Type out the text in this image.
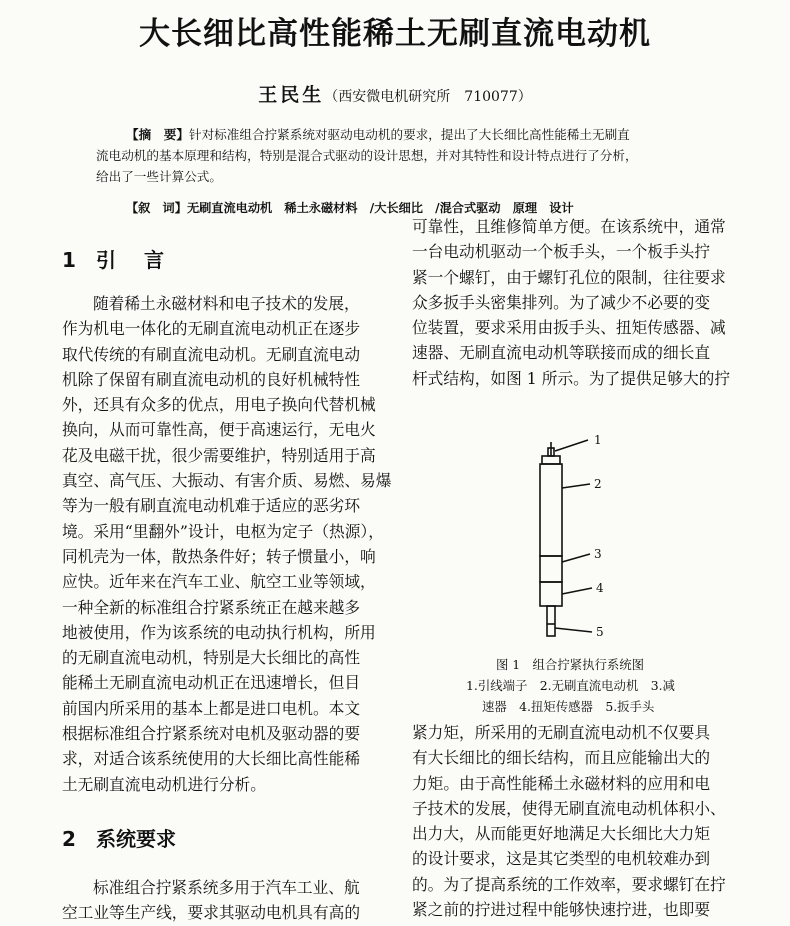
大长细比高性能稀土无刷直流电动机
王民生（西安微电机研究所　710077）
【摘　要】针对标准组合拧紧系统对驱动电动机的要求，提出了大长细比高性能稀土无刷直
流电动机的基本原理和结构，特别是混合式驱动的设计思想，并对其特性和设计特点进行了分析，
给出了一些计算公式。
【叙　词】无刷直流电动机　稀土永磁材料　/大长细比　/混合式驱动　原理　设计
1 引　言
随着稀土永磁材料和电子技术的发展，
作为机电一体化的无刷直流电动机正在逐步
取代传统的有刷直流电动机。无刷直流电动
机除了保留有刷直流电动机的良好机械特性
外，还具有众多的优点，用电子换向代替机械
换向，从而可靠性高，便于高速运行，无电火
花及电磁干扰，很少需要维护，特别适用于高
真空、高气压、大振动、有害介质、易燃、易爆
等为一般有刷直流电动机难于适应的恶劣环
境。采用“里翻外”设计，电枢为定子（热源），
同机壳为一体，散热条件好；转子惯量小，响
应快。近年来在汽车工业、航空工业等领域，
一种全新的标准组合拧紧系统正在越来越多
地被使用，作为该系统的电动执行机构，所用
的无刷直流电动机，特别是大长细比的高性
能稀土无刷直流电动机正在迅速增长，但目
前国内所采用的基本上都是进口电机。本文
根据标准组合拧紧系统对电机及驱动器的要
求，对适合该系统使用的大长细比高性能稀
土无刷直流电动机进行分析。
2 系统要求
标准组合拧紧系统多用于汽车工业、航
空工业等生产线，要求其驱动电机具有高的
可靠性，且维修简单方便。在该系统中，通常
一台电动机驱动一个板手头，一个板手头拧
紧一个螺钉，由于螺钉孔位的限制，往往要求
众多扳手头密集排列。为了减少不必要的变
位装置，要求采用由扳手头、扭矩传感器、减
速器、无刷直流电动机等联接而成的细长直
杆式结构，如图 1 所示。为了提供足够大的拧
1
2
3
4
5
图 1　组合拧紧执行系统图
1.引线端子　2.无刷直流电动机　3.减
速器　4.扭矩传感器　5.扳手头
紧力矩，所采用的无刷直流电动机不仅要具
有大长细比的细长结构，而且应能输出大的
力矩。由于高性能稀土永磁材料的应用和电
子技术的发展，使得无刷直流电动机体积小、
出力大，从而能更好地满足大长细比大力矩
的设计要求，这是其它类型的电机较难办到
的。为了提高系统的工作效率，要求螺钉在拧
紧之前的拧进过程中能够快速拧进，也即要
